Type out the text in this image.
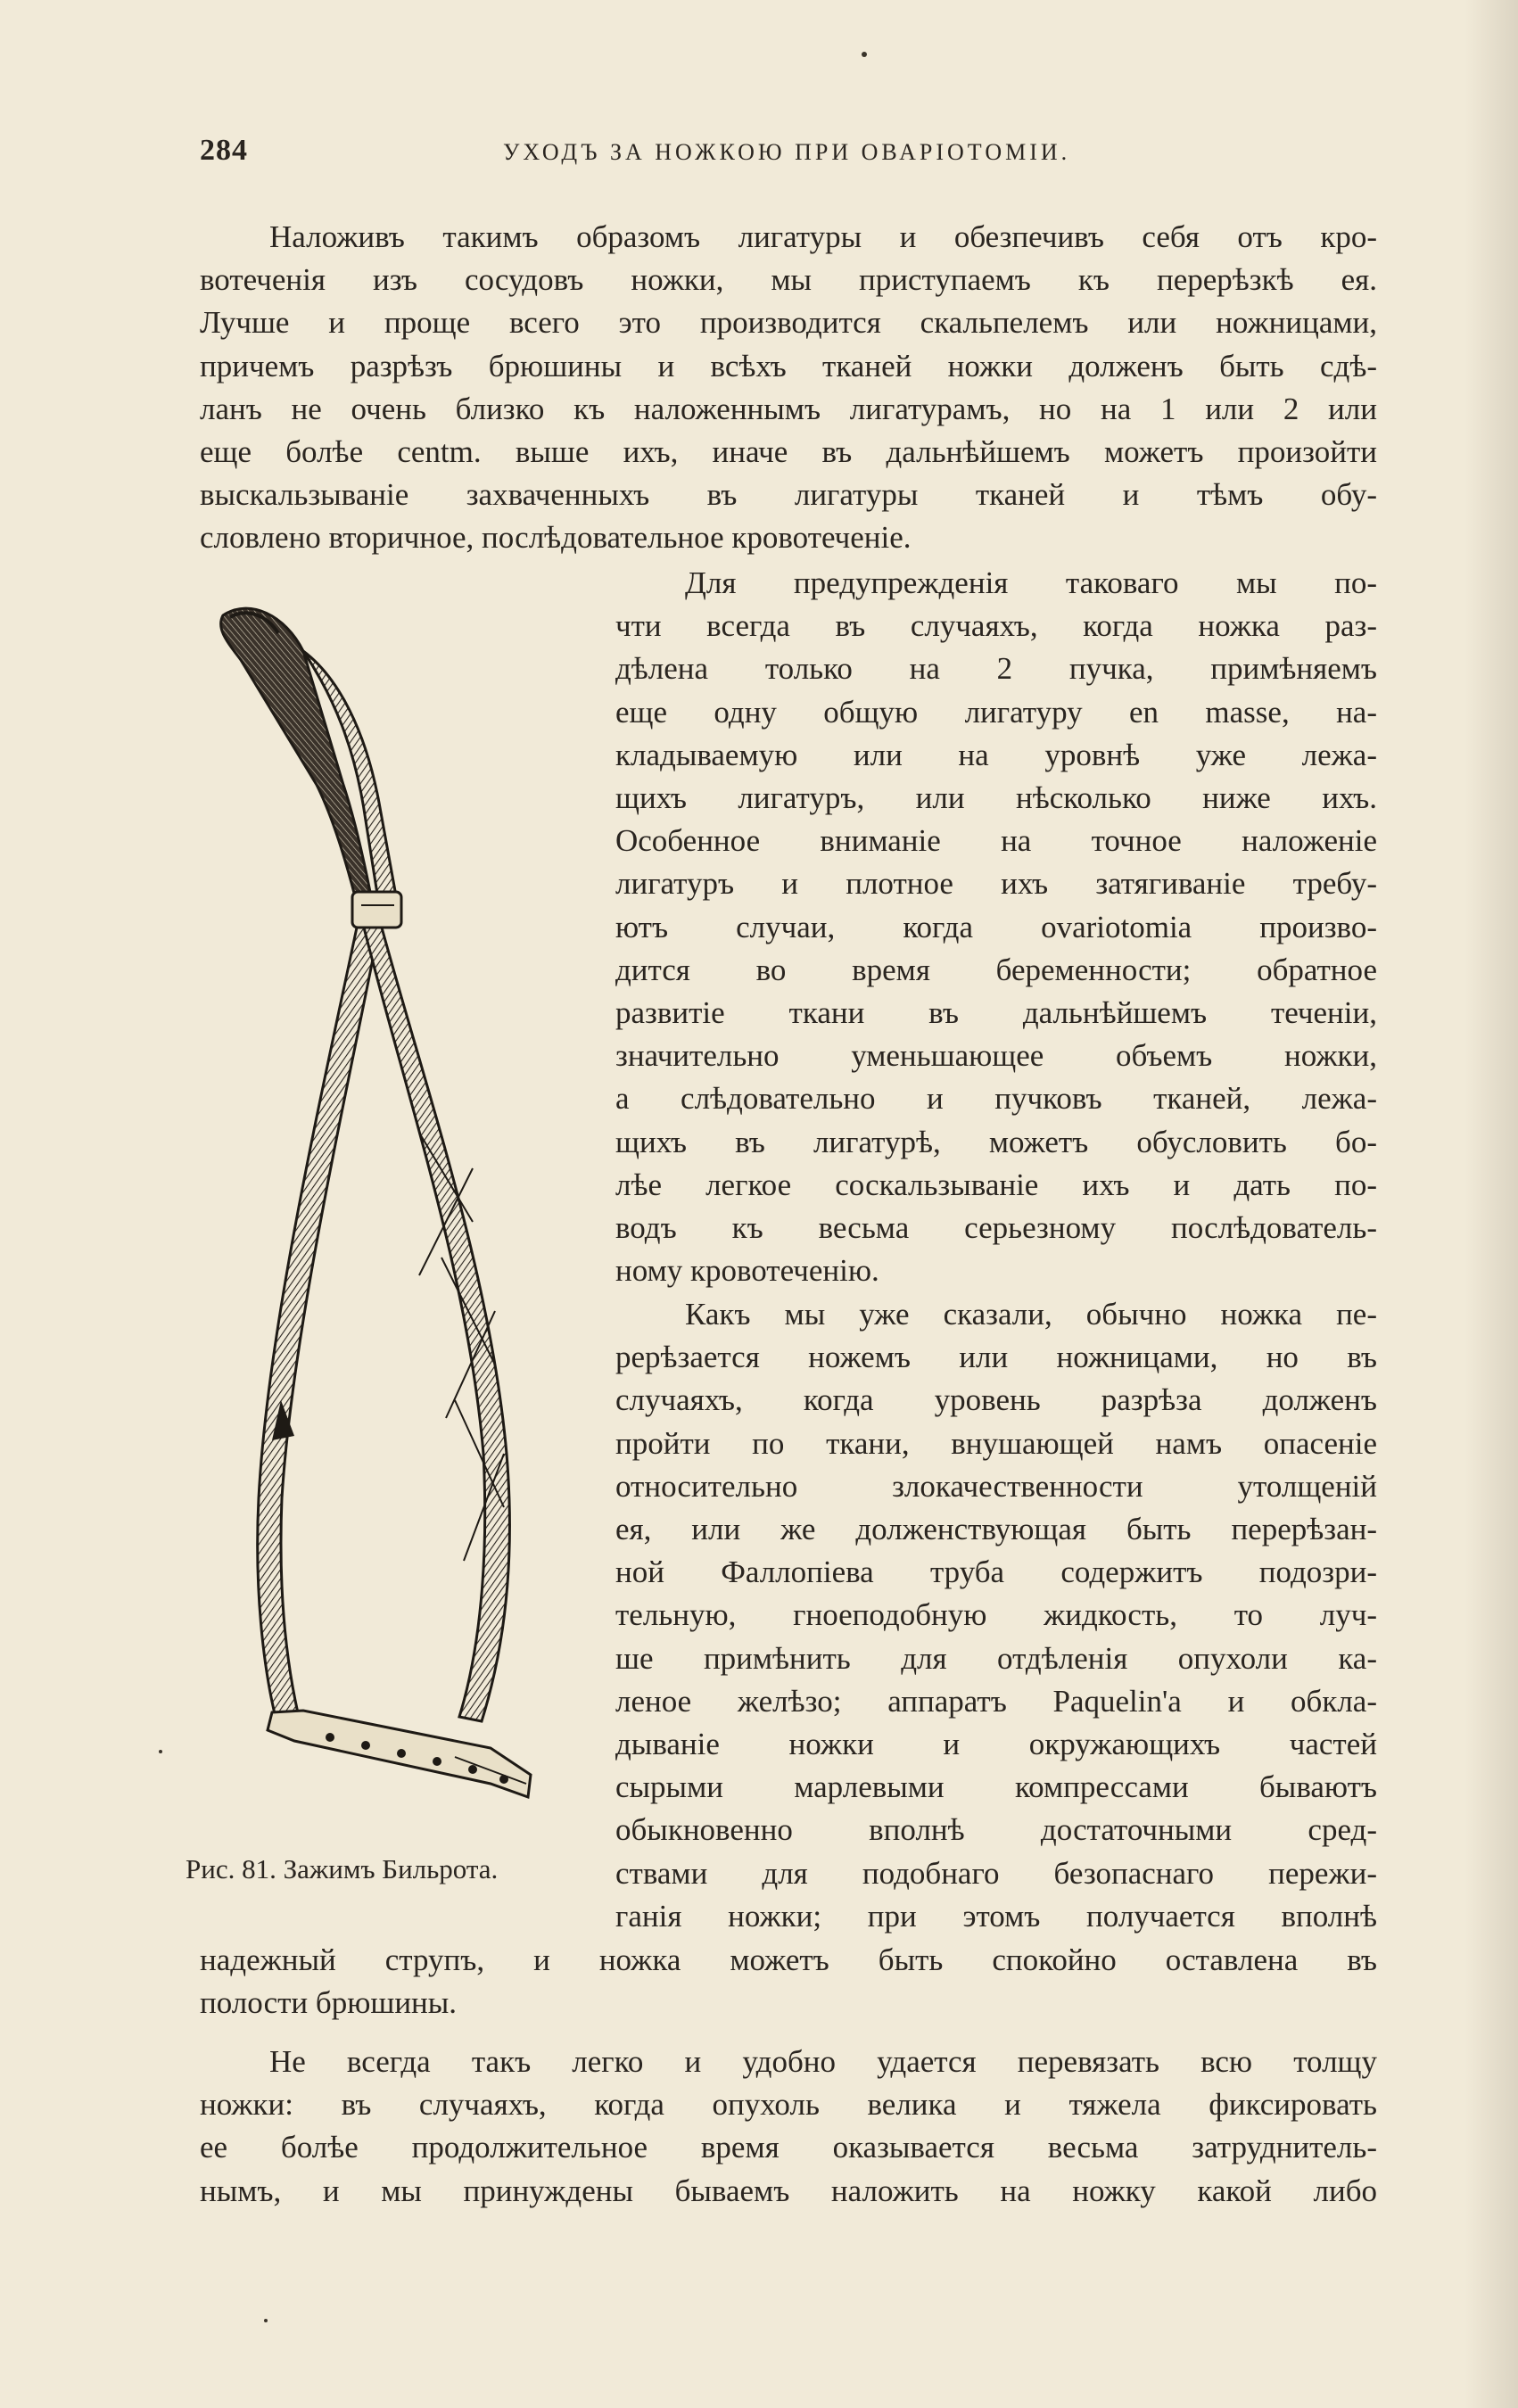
284	УХОДЪ ЗА НОЖКОЮ ПРИ ОВАРІОТОМІИ.
Наложивъ такимъ образомъ лигатуры и обезпечивъ себя отъ кро-
вотеченія изъ сосудовъ ножки, мы приступаемъ къ перерѣзкѣ ея.
Лучше и проще всего это производится скальпелемъ или ножницами,
причемъ разрѣзъ брюшины и всѣхъ тканей ножки долженъ быть сдѣ-
ланъ не очень близко къ наложеннымъ лигатурамъ, но на 1 или 2 или
еще болѣе centm. выше ихъ, иначе въ дальнѣйшемъ можетъ произойти
выскальзываніе захваченныхъ въ лигатуры тканей и тѣмъ обу-
словлено вторичное, послѣдовательное кровотеченіе.
Для предупрежденія таковаго мы по-
чти всегда въ случаяхъ, когда ножка раз-
дѣлена только на 2 пучка, примѣняемъ
еще одну общую лигатуру en masse, на-
кладываемую или на уровнѣ уже лежа-
щихъ лигатуръ, или нѣсколько ниже ихъ.
Особенное вниманіе на точное наложеніе
лигатуръ и плотное ихъ затягиваніе требу-
ютъ случаи, когда ovariotomia произво-
дится во время беременности; обратное
развитіе ткани въ дальнѣйшемъ теченіи,
значительно уменьшающее объемъ ножки,
а слѣдовательно и пучковъ тканей, лежа-
щихъ въ лигатурѣ, можетъ обусловить бо-
лѣе легкое соскальзываніе ихъ и дать по-
водъ къ весьма серьезному послѣдователь-
ному кровотеченію.
Какъ мы уже сказали, обычно ножка пе-
рерѣзается ножемъ или ножницами, но въ
случаяхъ, когда уровень разрѣза долженъ
пройти по ткани, внушающей намъ опасеніе
относительно злокачественности утолщеній
ея, или же долженствующая быть перерѣзан-
ной Фаллопіева труба содержитъ подозри-
тельную, гноеподобную жидкость, то луч-
ше примѣнить для отдѣленія опухоли ка-
леное желѣзо; аппаратъ Paquelin'а и обкла-
дываніе ножки и окружающихъ частей
сырыми марлевыми компрессами бываютъ
обыкновенно вполнѣ достаточными сред-
ствами для подобнаго безопаснаго пережи-
ганія ножки; при этомъ получается вполнѣ
надежный струпъ, и ножка можетъ быть спокойно оставлена въ
полости брюшины.
Не всегда такъ легко и удобно удается перевязать всю толщу
ножки: въ случаяхъ, когда опухоль велика и тяжела фиксировать
ее болѣе продолжительное время оказывается весьма затруднитель-
нымъ, и мы принуждены бываемъ наложить на ножку какой либо
Рис. 81. Зажимъ Бильрота.
